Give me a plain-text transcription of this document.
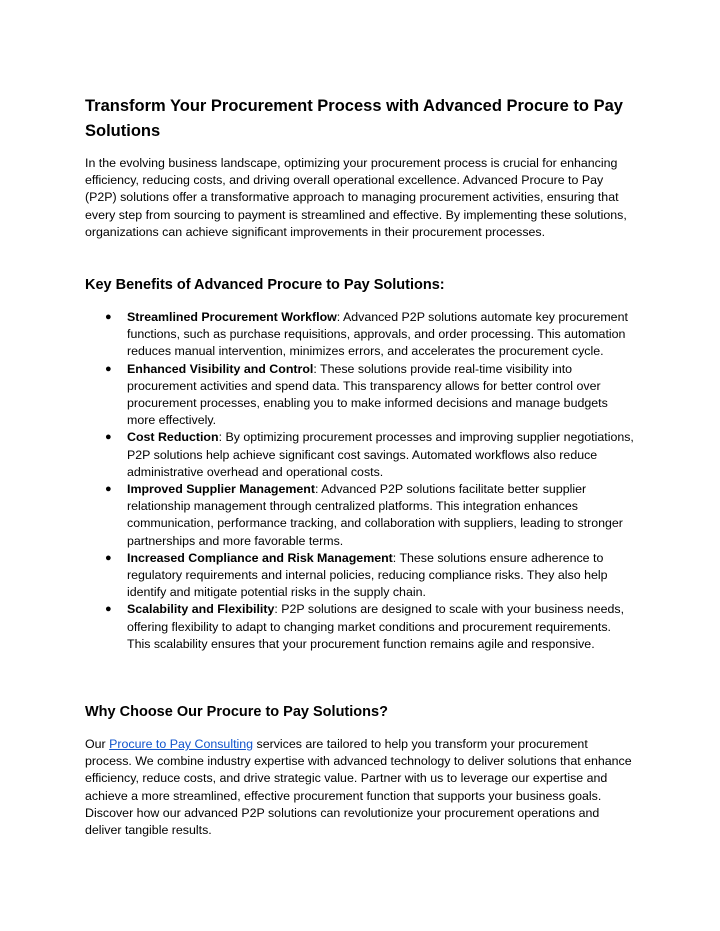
Transform Your Procurement Process with Advanced Procure to Pay Solutions

In the evolving business landscape, optimizing your procurement process is crucial for enhancing efficiency, reducing costs, and driving overall operational excellence. Advanced Procure to Pay (P2P) solutions offer a transformative approach to managing procurement activities, ensuring that every step from sourcing to payment is streamlined and effective. By implementing these solutions, organizations can achieve significant improvements in their procurement processes.

Key Benefits of Advanced Procure to Pay Solutions:
● Streamlined Procurement Workflow: Advanced P2P solutions automate key procurement functions, such as purchase requisitions, approvals, and order processing. This automation reduces manual intervention, minimizes errors, and accelerates the procurement cycle.
● Enhanced Visibility and Control: These solutions provide real-time visibility into procurement activities and spend data. This transparency allows for better control over procurement processes, enabling you to make informed decisions and manage budgets more effectively.
● Cost Reduction: By optimizing procurement processes and improving supplier negotiations, P2P solutions help achieve significant cost savings. Automated workflows also reduce administrative overhead and operational costs.
● Improved Supplier Management: Advanced P2P solutions facilitate better supplier relationship management through centralized platforms. This integration enhances communication, performance tracking, and collaboration with suppliers, leading to stronger partnerships and more favorable terms.
● Increased Compliance and Risk Management: These solutions ensure adherence to regulatory requirements and internal policies, reducing compliance risks. They also help identify and mitigate potential risks in the supply chain.
● Scalability and Flexibility: P2P solutions are designed to scale with your business needs, offering flexibility to adapt to changing market conditions and procurement requirements. This scalability ensures that your procurement function remains agile and responsive.
Why Choose Our Procure to Pay Solutions?

Our Procure to Pay Consulting services are tailored to help you transform your procurement process. We combine industry expertise with advanced technology to deliver solutions that enhance efficiency, reduce costs, and drive strategic value. Partner with us to leverage our expertise and achieve a more streamlined, effective procurement function that supports your business goals. Discover how our advanced P2P solutions can revolutionize your procurement operations and deliver tangible results.
